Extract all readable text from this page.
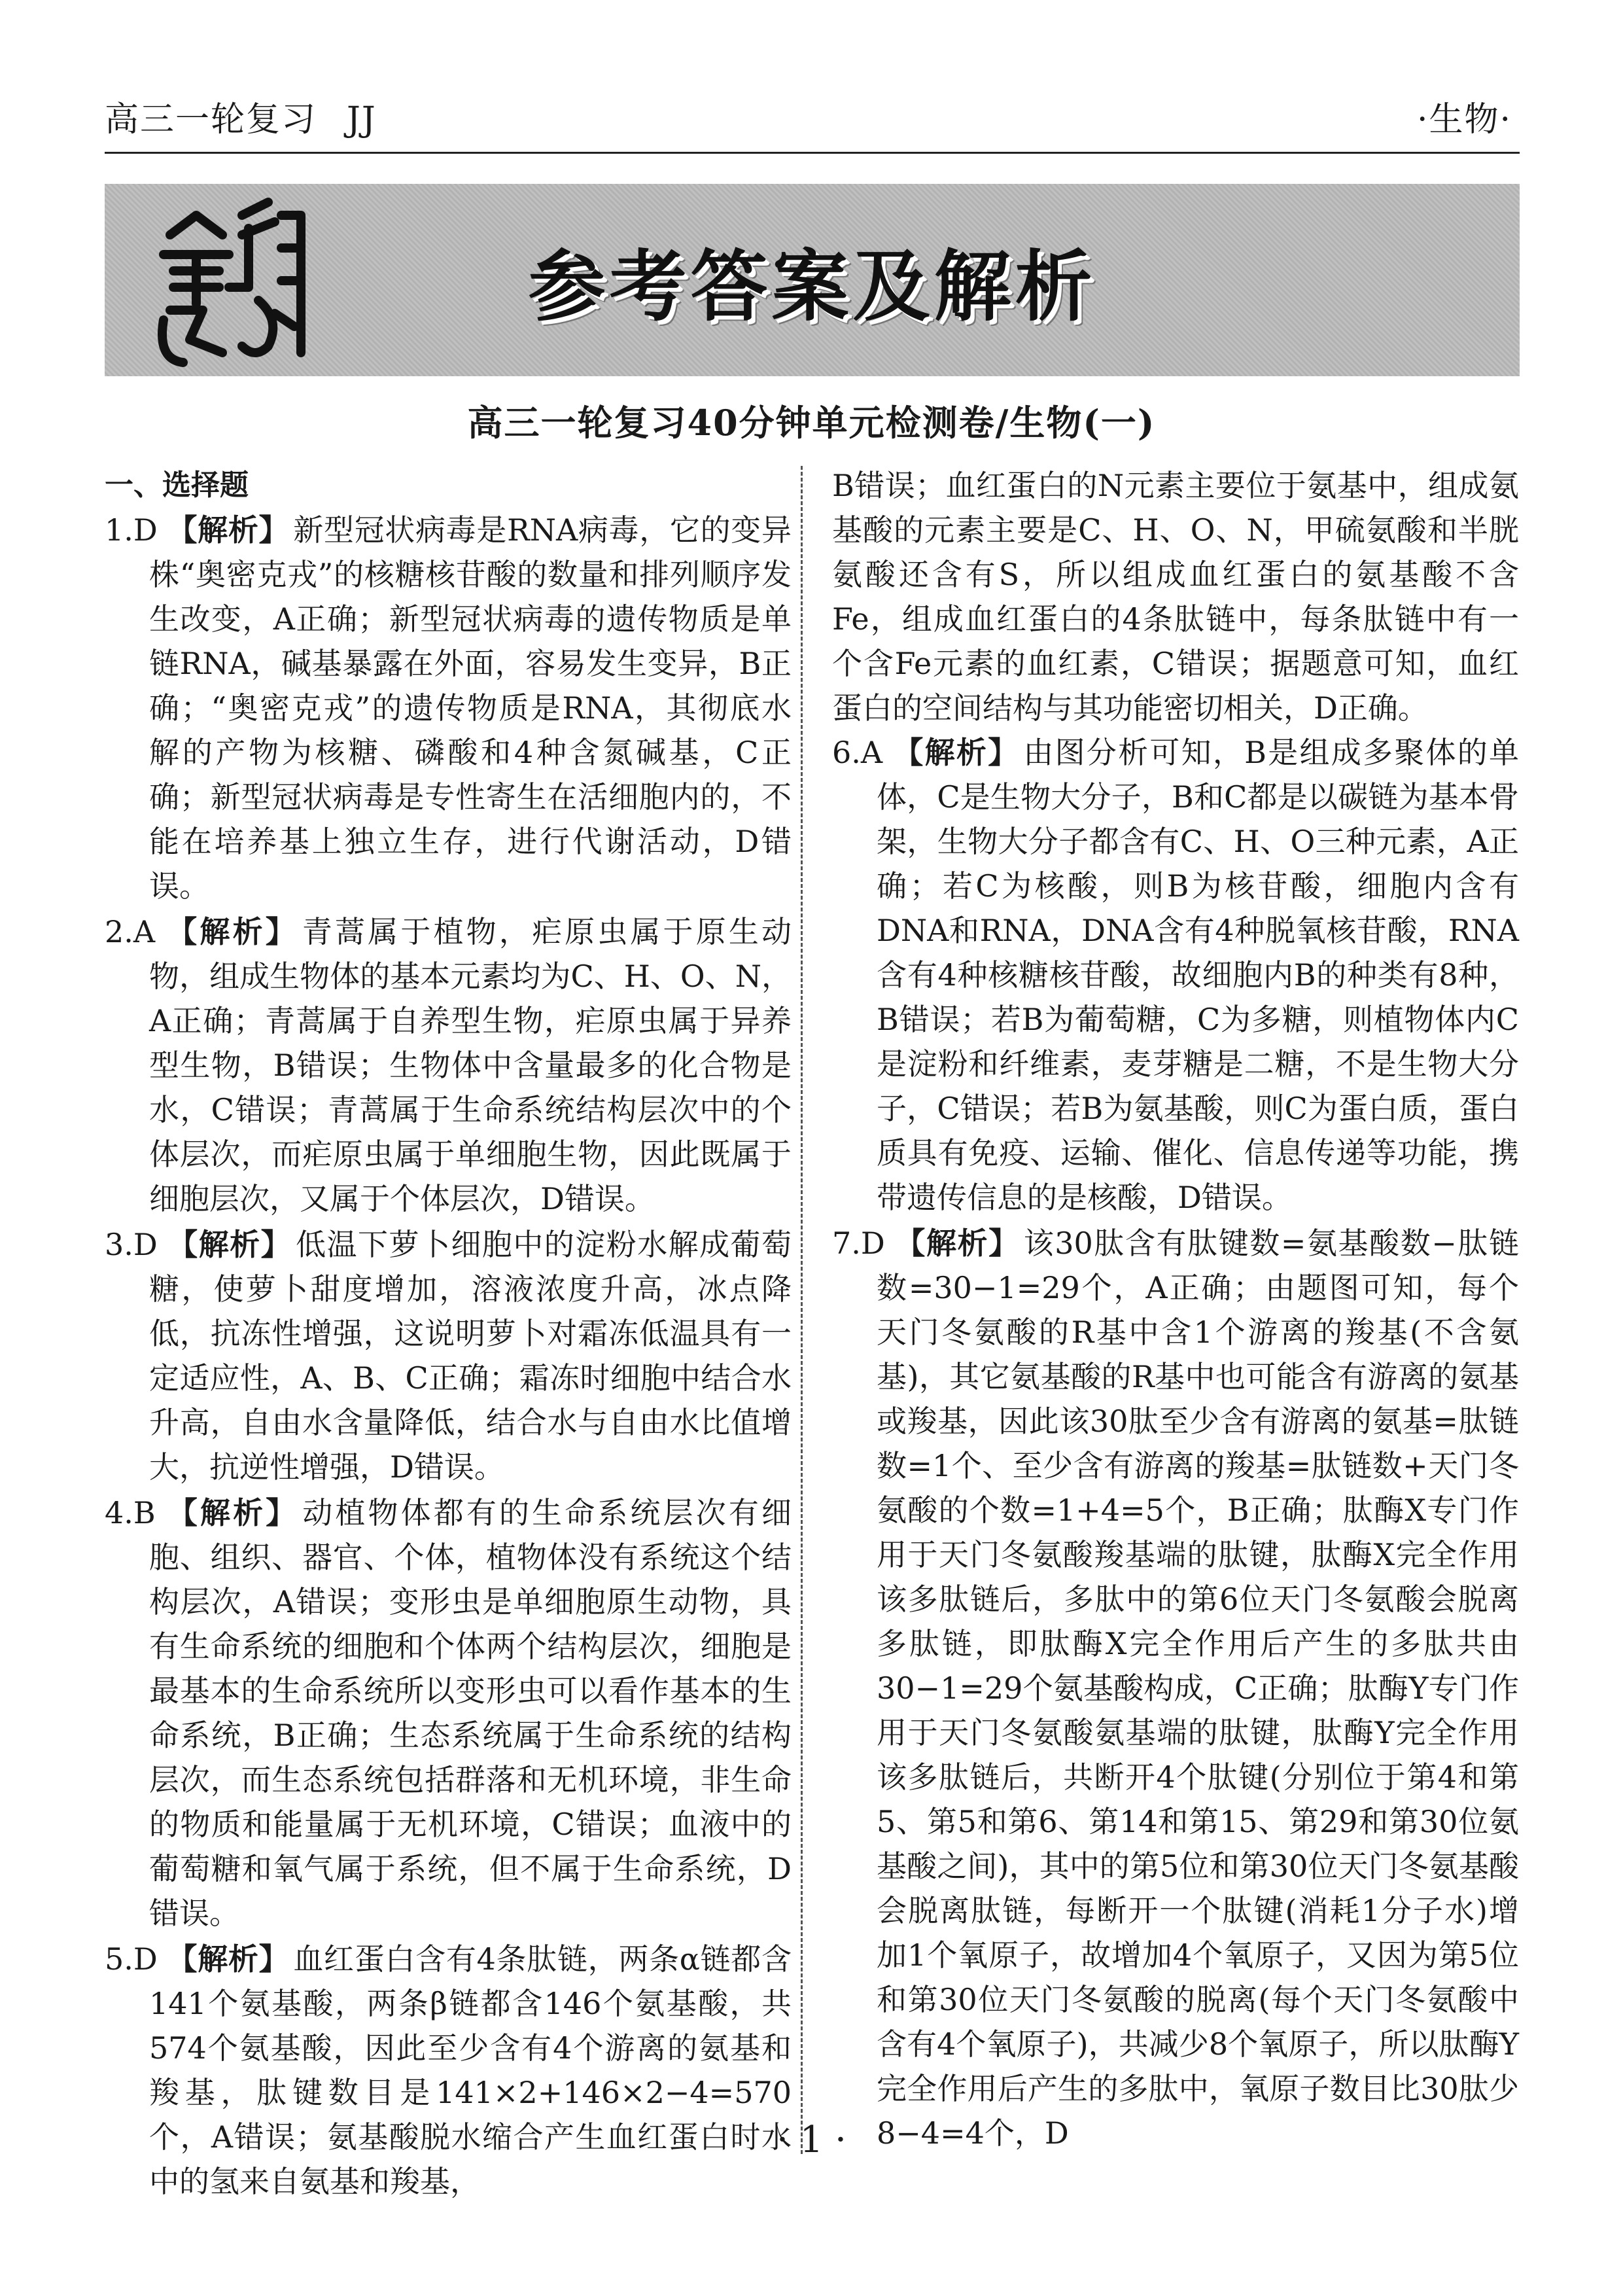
高三一轮复习 JJ	·生物·
参考答案及解析
高三一轮复习40分钟单元检测卷/生物(一)
一、选择题
1.D 【解析】 新型冠状病毒是RNA病毒，它的变异株“奥密克戎”的核糖核苷酸的数量和排列顺序发生改变，A正确；新型冠状病毒的遗传物质是单链RNA，碱基暴露在外面，容易发生变异，B正确；“奥密克戎”的遗传物质是RNA，其彻底水解的产物为核糖、磷酸和4种含氮碱基，C正确；新型冠状病毒是专性寄生在活细胞内的，不能在培养基上独立生存，进行代谢活动，D错误。
2.A 【解析】 青蒿属于植物，疟原虫属于原生动物，组成生物体的基本元素均为C、H、O、N，A正确；青蒿属于自养型生物，疟原虫属于异养型生物，B错误；生物体中含量最多的化合物是水，C错误；青蒿属于生命系统结构层次中的个体层次，而疟原虫属于单细胞生物，因此既属于细胞层次，又属于个体层次，D错误。
3.D 【解析】 低温下萝卜细胞中的淀粉水解成葡萄糖，使萝卜甜度增加，溶液浓度升高，冰点降低，抗冻性增强，这说明萝卜对霜冻低温具有一定适应性，A、B、C正确；霜冻时细胞中结合水升高，自由水含量降低，结合水与自由水比值增大，抗逆性增强，D错误。
4.B 【解析】 动植物体都有的生命系统层次有细胞、组织、器官、个体，植物体没有系统这个结构层次，A错误；变形虫是单细胞原生动物，具有生命系统的细胞和个体两个结构层次，细胞是最基本的生命系统所以变形虫可以看作基本的生命系统，B正确；生态系统属于生命系统的结构层次，而生态系统包括群落和无机环境，非生命的物质和能量属于无机环境，C错误；血液中的葡萄糖和氧气属于系统，但不属于生命系统，D错误。
5.D 【解析】 血红蛋白含有4条肽链，两条α链都含141个氨基酸，两条β链都含146个氨基酸，共574个氨基酸，因此至少含有4个游离的氨基和羧基，肽键数目是141×2+146×2−4=570个，A错误；氨基酸脱水缩合产生血红蛋白时水中的氢来自氨基和羧基，
B错误；血红蛋白的N元素主要位于氨基中，组成氨基酸的元素主要是C、H、O、N，甲硫氨酸和半胱氨酸还含有S，所以组成血红蛋白的氨基酸不含Fe，组成血红蛋白的4条肽链中，每条肽链中有一个含Fe元素的血红素，C错误；据题意可知，血红蛋白的空间结构与其功能密切相关，D正确。
6.A 【解析】 由图分析可知，B是组成多聚体的单体，C是生物大分子，B和C都是以碳链为基本骨架，生物大分子都含有C、H、O三种元素，A正确；若C为核酸，则B为核苷酸，细胞内含有DNA和RNA，DNA含有4种脱氧核苷酸，RNA含有4种核糖核苷酸，故细胞内B的种类有8种，B错误；若B为葡萄糖，C为多糖，则植物体内C是淀粉和纤维素，麦芽糖是二糖，不是生物大分子，C错误；若B为氨基酸，则C为蛋白质，蛋白质具有免疫、运输、催化、信息传递等功能，携带遗传信息的是核酸，D错误。
7.D 【解析】 该30肽含有肽键数=氨基酸数−肽链数=30−1=29个，A正确；由题图可知，每个天门冬氨酸的R基中含1个游离的羧基(不含氨基)，其它氨基酸的R基中也可能含有游离的氨基或羧基，因此该30肽至少含有游离的氨基=肽链数=1个、至少含有游离的羧基=肽链数+天门冬氨酸的个数=1+4=5个，B正确；肽酶X专门作用于天门冬氨酸羧基端的肽键，肽酶X完全作用该多肽链后，多肽中的第6位天门冬氨酸会脱离多肽链，即肽酶X完全作用后产生的多肽共由30−1=29个氨基酸构成，C正确；肽酶Y专门作用于天门冬氨酸氨基端的肽键，肽酶Y完全作用该多肽链后，共断开4个肽键(分别位于第4和第5、第5和第6、第14和第15、第29和第30位氨基酸之间)，其中的第5位和第30位天门冬氨基酸会脱离肽链，每断开一个肽键(消耗1分子水)增加1个氧原子，故增加4个氧原子，又因为第5位和第30位天门冬氨酸的脱离(每个天门冬氨酸中含有4个氧原子)，共减少8个氧原子，所以肽酶Y完全作用后产生的多肽中，氧原子数目比30肽少8−4=4个，D
· 1 ·
